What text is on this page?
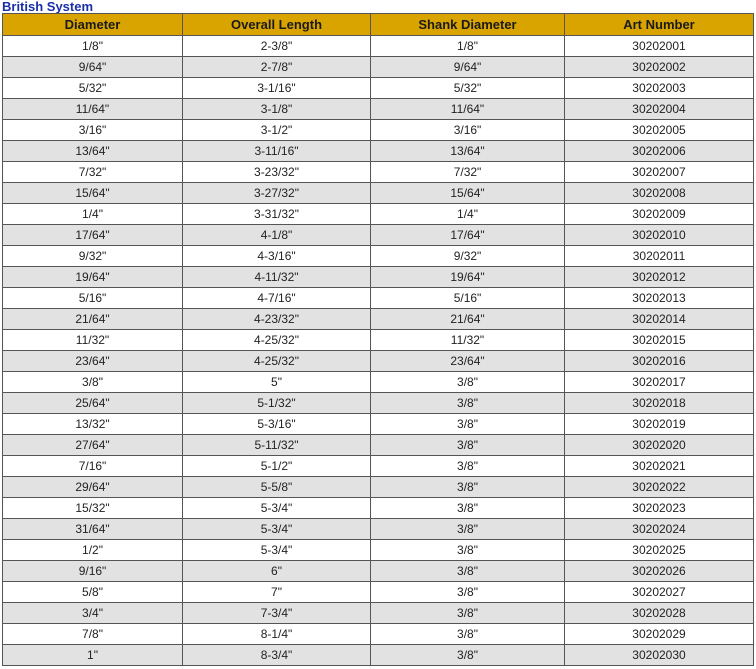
British System
Diameter	Overall Length	Shank Diameter	Art Number
1/8"	2-3/8"	1/8"	30202001
9/64"	2-7/8"	9/64"	30202002
5/32"	3-1/16"	5/32"	30202003
11/64"	3-1/8"	11/64"	30202004
3/16"	3-1/2"	3/16"	30202005
13/64"	3-11/16"	13/64"	30202006
7/32"	3-23/32"	7/32"	30202007
15/64"	3-27/32"	15/64"	30202008
1/4"	3-31/32"	1/4"	30202009
17/64"	4-1/8"	17/64"	30202010
9/32"	4-3/16"	9/32"	30202011
19/64"	4-11/32"	19/64"	30202012
5/16"	4-7/16"	5/16"	30202013
21/64"	4-23/32"	21/64"	30202014
11/32"	4-25/32"	11/32"	30202015
23/64"	4-25/32"	23/64"	30202016
3/8"	5"	3/8"	30202017
25/64"	5-1/32"	3/8"	30202018
13/32"	5-3/16"	3/8"	30202019
27/64"	5-11/32"	3/8"	30202020
7/16"	5-1/2"	3/8"	30202021
29/64"	5-5/8"	3/8"	30202022
15/32"	5-3/4"	3/8"	30202023
31/64"	5-3/4"	3/8"	30202024
1/2"	5-3/4"	3/8"	30202025
9/16"	6"	3/8"	30202026
5/8"	7"	3/8"	30202027
3/4"	7-3/4"	3/8"	30202028
7/8"	8-1/4"	3/8"	30202029
1"	8-3/4"	3/8"	30202030
